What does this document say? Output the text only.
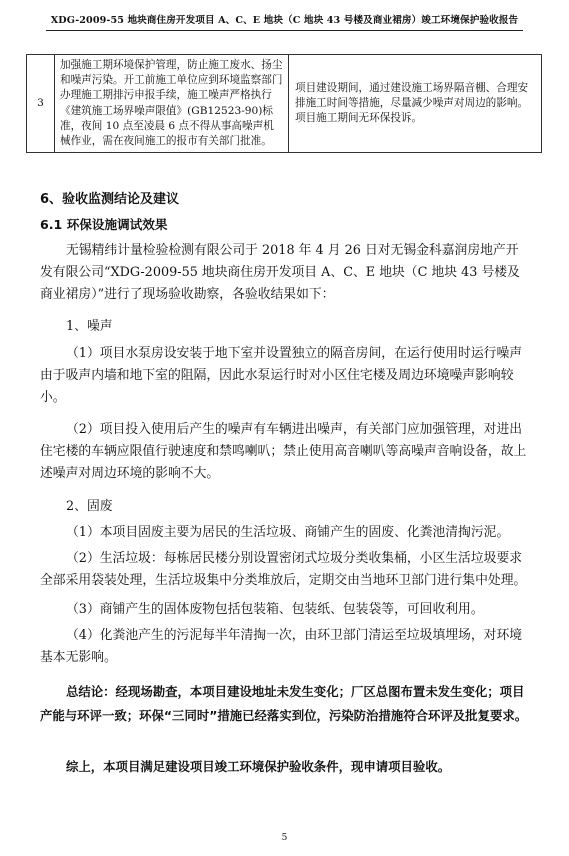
XDG-2009-55 地块商住房开发项目 A、C、E 地块（C 地块 43 号楼及商业裙房）竣工环境保护验收报告
3	加强施工期环境保护管理，防止施工废水、扬尘和噪声污染。开工前施工单位应到环境监察部门办理施工期排污申报手续，施工噪声严格执行《建筑施工场界噪声限值》(GB12523-90)标准，夜间 10 点至凌晨 6 点不得从事高噪声机械作业，需在夜间施工的报市有关部门批准。	项目建设期间，通过建设施工场界隔音棚、合理安排施工时间等措施，尽量减少噪声对周边的影响。项目施工期间无环保投诉。
6、验收监测结论及建议
6.1 环保设施调试效果
无锡精纬计量检验检测有限公司于 2018 年 4 月 26 日对无锡金科嘉润房地产开发有限公司“XDG-2009-55 地块商住房开发项目 A、C、E 地块（C 地块 43 号楼及商业裙房）”进行了现场验收勘察，各验收结果如下：
1、噪声
（1）项目水泵房设安装于地下室并设置独立的隔音房间，在运行使用时运行噪声由于吸声内墙和地下室的阻隔，因此水泵运行时对小区住宅楼及周边环境噪声影响较小。
（2）项目投入使用后产生的噪声有车辆进出噪声，有关部门应加强管理，对进出住宅楼的车辆应限值行驶速度和禁鸣喇叭；禁止使用高音喇叭等高噪声音响设备，故上述噪声对周边环境的影响不大。
2、固废
（1）本项目固废主要为居民的生活垃圾、商铺产生的固废、化粪池清掏污泥。
（2）生活垃圾：每栋居民楼分别设置密闭式垃圾分类收集桶，小区生活垃圾要求全部采用袋装处理，生活垃圾集中分类堆放后，定期交由当地环卫部门进行集中处理。
（3）商铺产生的固体废物包括包装箱、包装纸、包装袋等，可回收利用。
（4）化粪池产生的污泥每半年清掏一次，由环卫部门清运至垃圾填埋场，对环境基本无影响。
总结论：经现场勘查，本项目建设地址未发生变化；厂区总图布置未发生变化；项目产能与环评一致；环保“三同时”措施已经落实到位，污染防治措施符合环评及批复要求。
综上，本项目满足建设项目竣工环境保护验收条件，现申请项目验收。
5
